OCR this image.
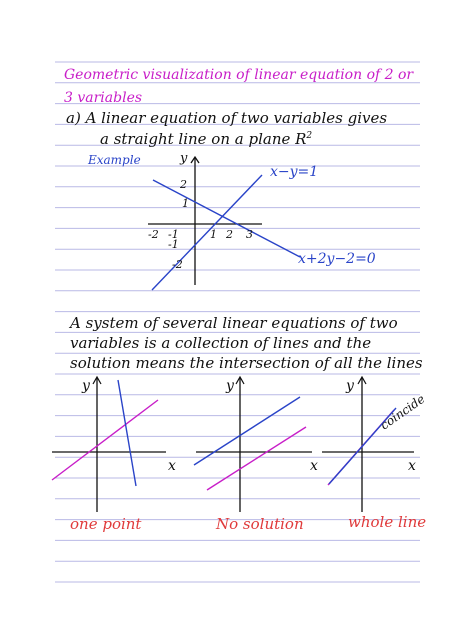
Geometric visualization of linear equation of 2 or
3 variables
a) A linear equation of two variables gives
a straight line on a plane $R^2$
Example	y
x−y=1
x+2y−2=0
2
1
-1
-2
-2 -1	1 2 3
A system of several linear equations of two
variables is a collection of lines and the
solution means the intersection of all the lines
y
x
y
x
y
x
coincide
one point	No solution	whole line
